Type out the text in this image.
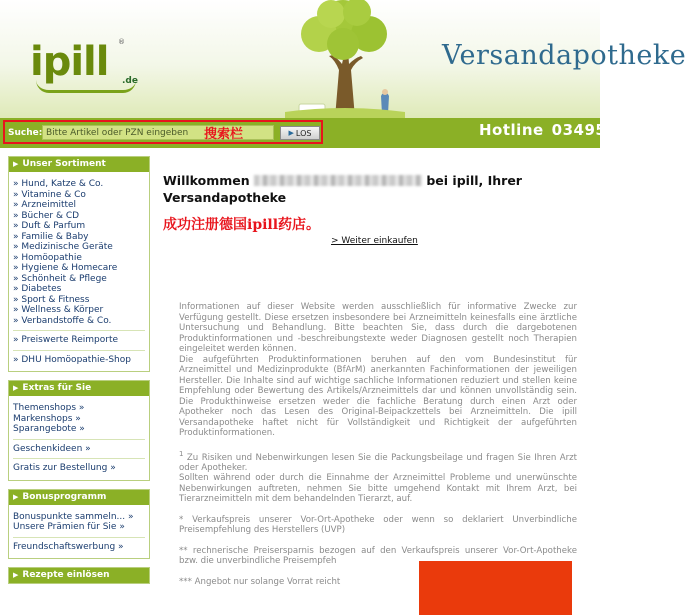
ipill ®
.de
Versandapotheke
Suche:
Bitte Artikel oder PZN eingeben	搜索栏	▶ LOS	Hotline 03495
▶ Unser Sortiment
» Hund, Katze & Co.
» Vitamine & Co
» Arzneimittel
» Bücher & CD
» Duft & Parfum
» Familie & Baby
» Medizinische Geräte
» Homöopathie
» Hygiene & Homecare
» Schönheit & Pflege
» Diabetes
» Sport & Fitness
» Wellness & Körper
» Verbandstoffe & Co.
» Preiswerte Reimporte
» DHU Homöopathie-Shop
▶ Extras für Sie
Themenshops »
Markenshops »
Sparangebote »
Geschenkideen »
Gratis zur Bestellung »
▶ Bonusprogramm
Bonuspunkte sammeln... »
Unsere Prämien für Sie »
Freundschaftswerbung »
▶ Rezepte einlösen
Willkommen	bei ipill, Ihrer Versandapotheke
成功注册德国ipill药店。
> Weiter einkaufen

Informationen auf dieser Website werden ausschließlich für informative Zwecke zur Verfügung gestellt. Diese ersetzen insbesondere bei Arzneimitteln keinesfalls eine ärztliche Untersuchung und Behandlung. Bitte beachten Sie, dass durch die dargebotenen Produktinformationen und -beschreibungstexte weder Diagnosen gestellt noch Therapien eingeleitet werden können.

Die aufgeführten Produktinformationen beruhen auf den vom Bundesinstitut für Arzneimittel und Medizinprodukte (BfArM) anerkannten Fachinformationen der jeweiligen Hersteller. Die Inhalte sind auf wichtige sachliche Informationen reduziert und stellen keine Empfehlung oder Bewertung des Artikels/Arzneimittels dar und können unvollständig sein. Die Produkthinweise ersetzen weder die fachliche Beratung durch einen Arzt oder Apotheker noch das Lesen des Original-Beipackzettels bei Arzneimitteln. Die ipill Versandapotheke haftet nicht für Vollständigkeit und Richtigkeit der aufgeführten Produktinformationen.

$^1$ Zu Risiken und Nebenwirkungen lesen Sie die Packungsbeilage und fragen Sie Ihren Arzt oder Apotheker.

Sollten während oder durch die Einnahme der Arzneimittel Probleme und unerwünschte Nebenwirkungen auftreten, nehmen Sie bitte umgehend Kontakt mit Ihrem Arzt, bei Tierarzneimitteln mit dem behandelnden Tierarzt, auf.

* Verkaufspreis unserer Vor-Ort-Apotheke oder wenn so deklariert Unverbindliche Preisempfehlung des Herstellers (UVP)

** rechnerische Preisersparnis bezogen auf den Verkaufspreis unserer Vor-Ort-Apotheke bzw. die unverbindliche Preisempfeh

*** Angebot nur solange Vorrat reicht
